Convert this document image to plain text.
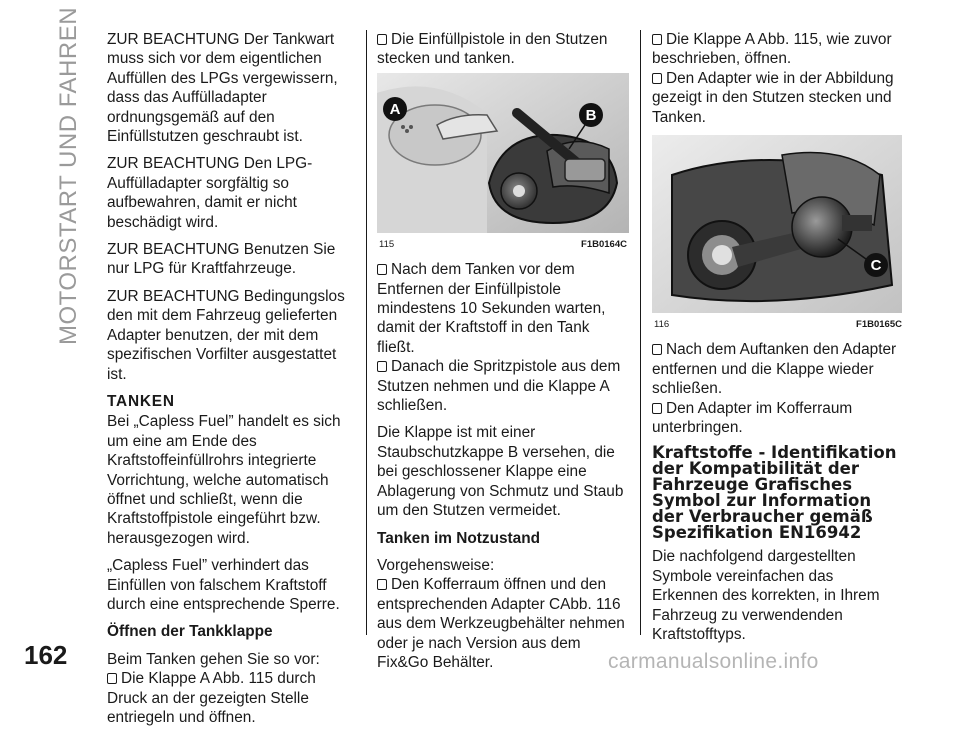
MOTORSTART UND FAHREN ZUR BEACHTUNG Der Tankwart muss sich vor dem eigentlichen Auffüllen des LPGs vergewissern, dass das Auffülladapter ordnungsgemäß auf den Einfüllstutzen geschraubt ist.

ZUR BEACHTUNG Den LPG-Auffülladapter sorgfältig so aufbewahren, damit er nicht beschädigt wird.

ZUR BEACHTUNG Benutzen Sie nur LPG für Kraftfahrzeuge.

ZUR BEACHTUNG Bedingungslos den mit dem Fahrzeug gelieferten Adapter benutzen, der mit dem spezifischen Vorfilter ausgestattet ist.

TANKEN

Bei „Capless Fuel” handelt es sich um eine am Ende des Kraftstoffeinfüllrohrs integrierte Vorrichtung, welche automatisch öffnet und schließt, wenn die Kraftstoffpistole eingeführt bzw. herausgezogen wird.

„Capless Fuel” verhindert das Einfüllen von falschem Kraftstoff durch eine entsprechende Sperre.

Öffnen der Tankklappe

Beim Tanken gehen Sie so vor:

Die Klappe A Abb. 115 durch Druck an der gezeigten Stelle entriegeln und öffnen.

Die Einfüllpistole in den Stutzen stecken und tanken.

A	B
115	F1B0164C

Nach dem Tanken vor dem Entfernen der Einfüllpistole mindestens 10 Sekunden warten, damit der Kraftstoff in den Tank fließt.

Danach die Spritzpistole aus dem Stutzen nehmen und die Klappe A schließen.

Die Klappe ist mit einer Staubschutzkappe B versehen, die bei geschlossener Klappe eine Ablagerung von Schmutz und Staub um den Stutzen vermeidet.

Tanken im Notzustand

Vorgehensweise:

Den Kofferraum öffnen und den entsprechenden Adapter CAbb. 116 aus dem Werkzeugbehälter nehmen oder je nach Version aus dem Fix&Go Behälter.

Die Klappe A Abb. 115, wie zuvor beschrieben, öffnen.

Den Adapter wie in der Abbildung gezeigt in den Stutzen stecken und Tanken.

C
116	F1B0165C

Nach dem Auftanken den Adapter entfernen und die Klappe wieder schließen.

Den Adapter im Kofferraum unterbringen.

Kraftstoffe - Identifikation der Kompatibilität der Fahrzeuge Grafisches Symbol zur Information der Verbraucher gemäß Spezifikation EN16942

Die nachfolgend dargestellten Symbole vereinfachen das Erkennen des korrekten, in Ihrem Fahrzeug zu verwendenden Kraftstofftyps.

162	carmanualsonline.info
